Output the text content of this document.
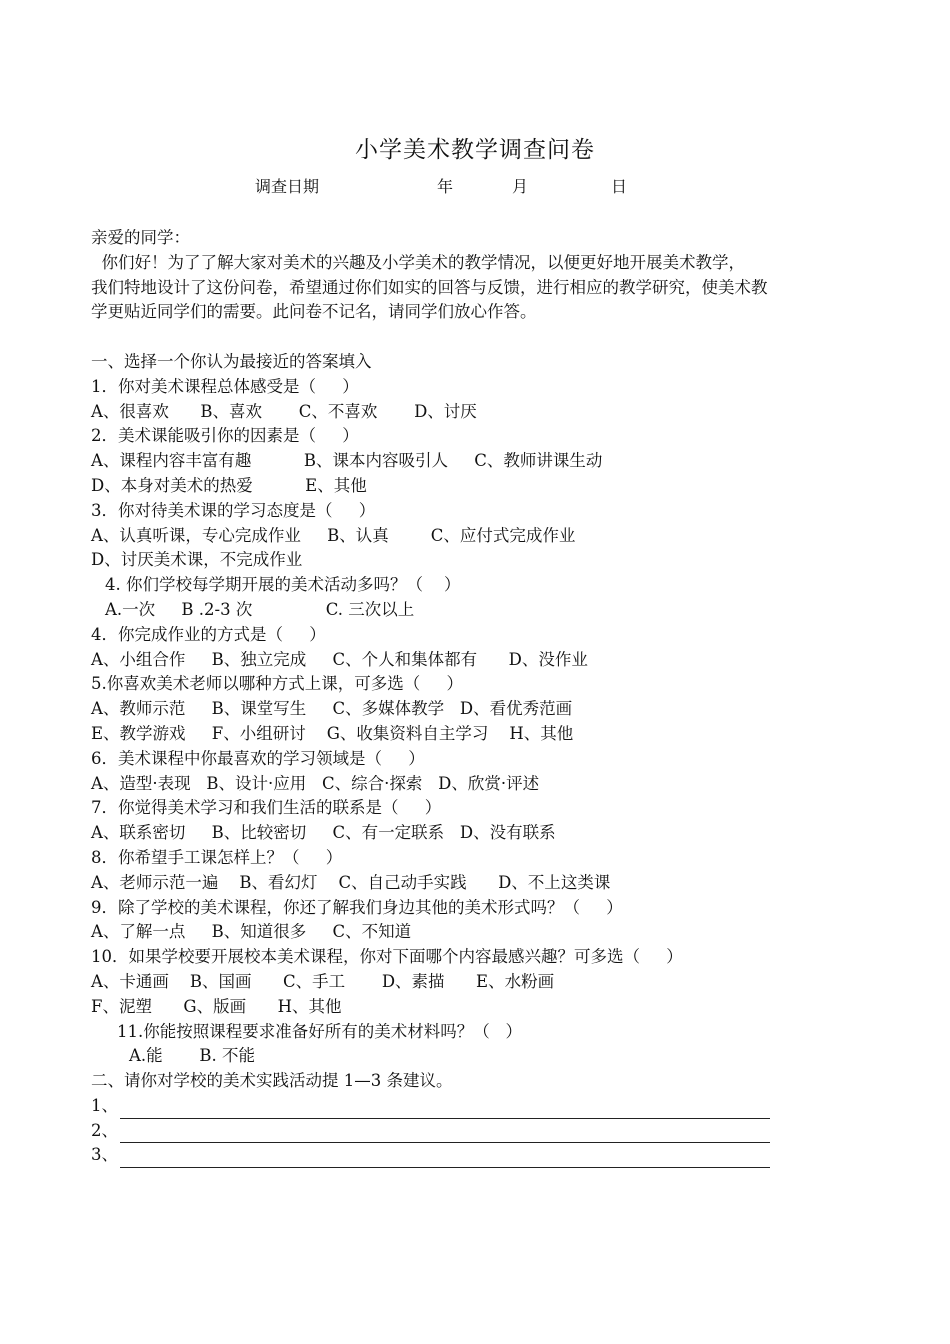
小学美术教学调查问卷
调查日期	年	月	日
亲爱的同学：
你们好！为了了解大家对美术的兴趣及小学美术的教学情况，以便更好地开展美术教学，
我们特地设计了这份问卷，希望通过你们如实的回答与反馈，进行相应的教学研究，使美术教
学更贴近同学们的需要。此问卷不记名，请同学们放心作答。
一、选择一个你认为最接近的答案填入
1．你对美术课程总体感受是（     ）
A、很喜欢      B、喜欢       C、不喜欢       D、讨厌
2．美术课能吸引你的因素是（     ）
A、课程内容丰富有趣          B、课本内容吸引人     C、教师讲课生动
D、本身对美术的热爱          E、其他
3．你对待美术课的学习态度是（     ）
A、认真听课，专心完成作业     B、认真        C、应付式完成作业
D、讨厌美术课，不完成作业
4. 你们学校每学期开展的美术活动多吗？（    ）
A.一次     B .2-3 次              C. 三次以上
4．你完成作业的方式是（     ）
A、小组合作     B、独立完成     C、个人和集体都有      D、没作业
5.你喜欢美术老师以哪种方式上课，可多选（     ）
A、教师示范     B、课堂写生     C、多媒体教学   D、看优秀范画
E、教学游戏     F、小组研讨    G、收集资料自主学习    H、其他
6．美术课程中你最喜欢的学习领域是（     ）
A、造型·表现   B、设计·应用   C、综合·探索   D、欣赏·评述
7．你觉得美术学习和我们生活的联系是（     ）
A、联系密切     B、比较密切     C、有一定联系   D、没有联系
8．你希望手工课怎样上？（     ）
A、老师示范一遍    B、看幻灯    C、自己动手实践      D、不上这类课
9．除了学校的美术课程，你还了解我们身边其他的美术形式吗？（     ）
A、了解一点     B、知道很多     C、不知道
10．如果学校要开展校本美术课程，你对下面哪个内容最感兴趣？可多选（     ）
A、卡通画    B、国画      C、手工       D、素描      E、水粉画
F、泥塑      G、版画      H、其他
11.你能按照课程要求准备好所有的美术材料吗？（   ）
A.能       B. 不能
二、请你对学校的美术实践活动提 1—3 条建议。
1、
2、
3、
